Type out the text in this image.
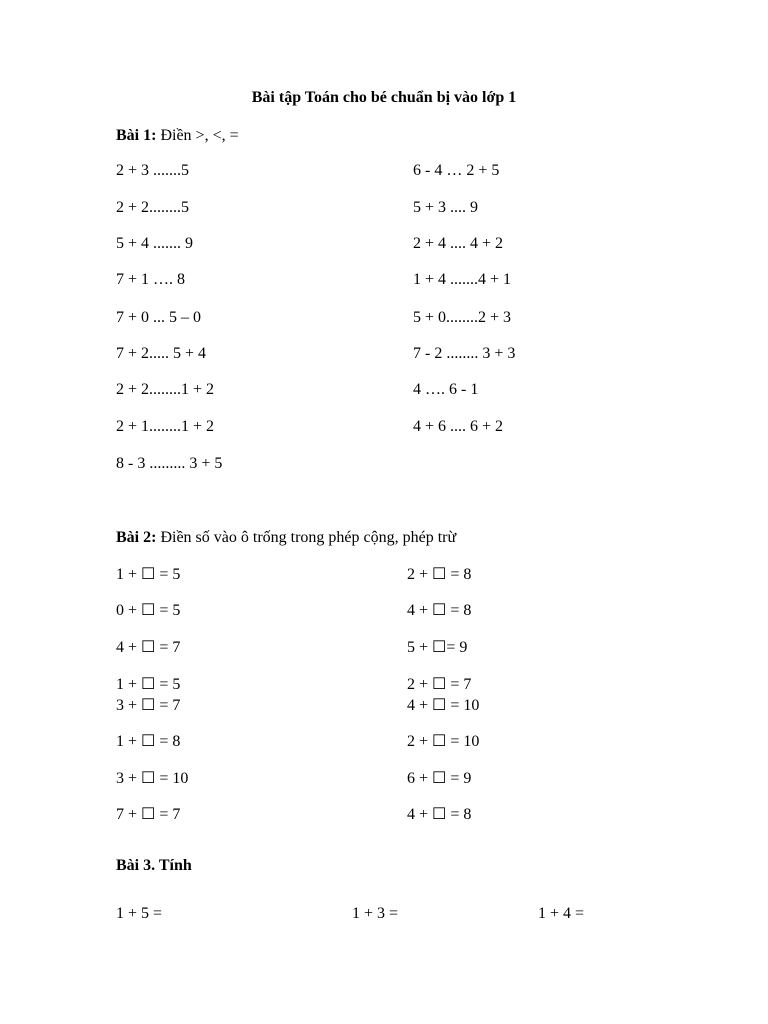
Bài tập Toán cho bé chuẩn bị vào lớp 1
Bài 1: Điền >, <, =
2 + 3 .......5
2 + 2........5
5 + 4 ....... 9
7 + 1 …. 8
7 + 0 ... 5 – 0
7 + 2..... 5 + 4
2 + 2........1 + 2
2 + 1........1 + 2
8 - 3 ......... 3 + 5
6 - 4 … 2 + 5
5 + 3 .... 9
2 + 4 .... 4 + 2
1 + 4 .......4 + 1
5 + 0........2 + 3
7 - 2 ........ 3 + 3
4 …. 6 - 1
4 + 6 .... 6 + 2
Bài 2: Điền số vào ô trống trong phép cộng, phép trừ
1 + ☐ = 5
0 + ☐ = 5
4 + ☐ = 7
1 + ☐ = 5
3 + ☐ = 7
1 + ☐ = 8
3 + ☐ = 10
7 + ☐ = 7
2 + ☐ = 8
4 + ☐ = 8
5 + ☐= 9
2 + ☐ = 7
4 + ☐ = 10
2 + ☐ = 10
6 + ☐ = 9
4 + ☐ = 8
Bài 3. Tính
1 + 5 =	1 + 3 =	1 + 4 =
